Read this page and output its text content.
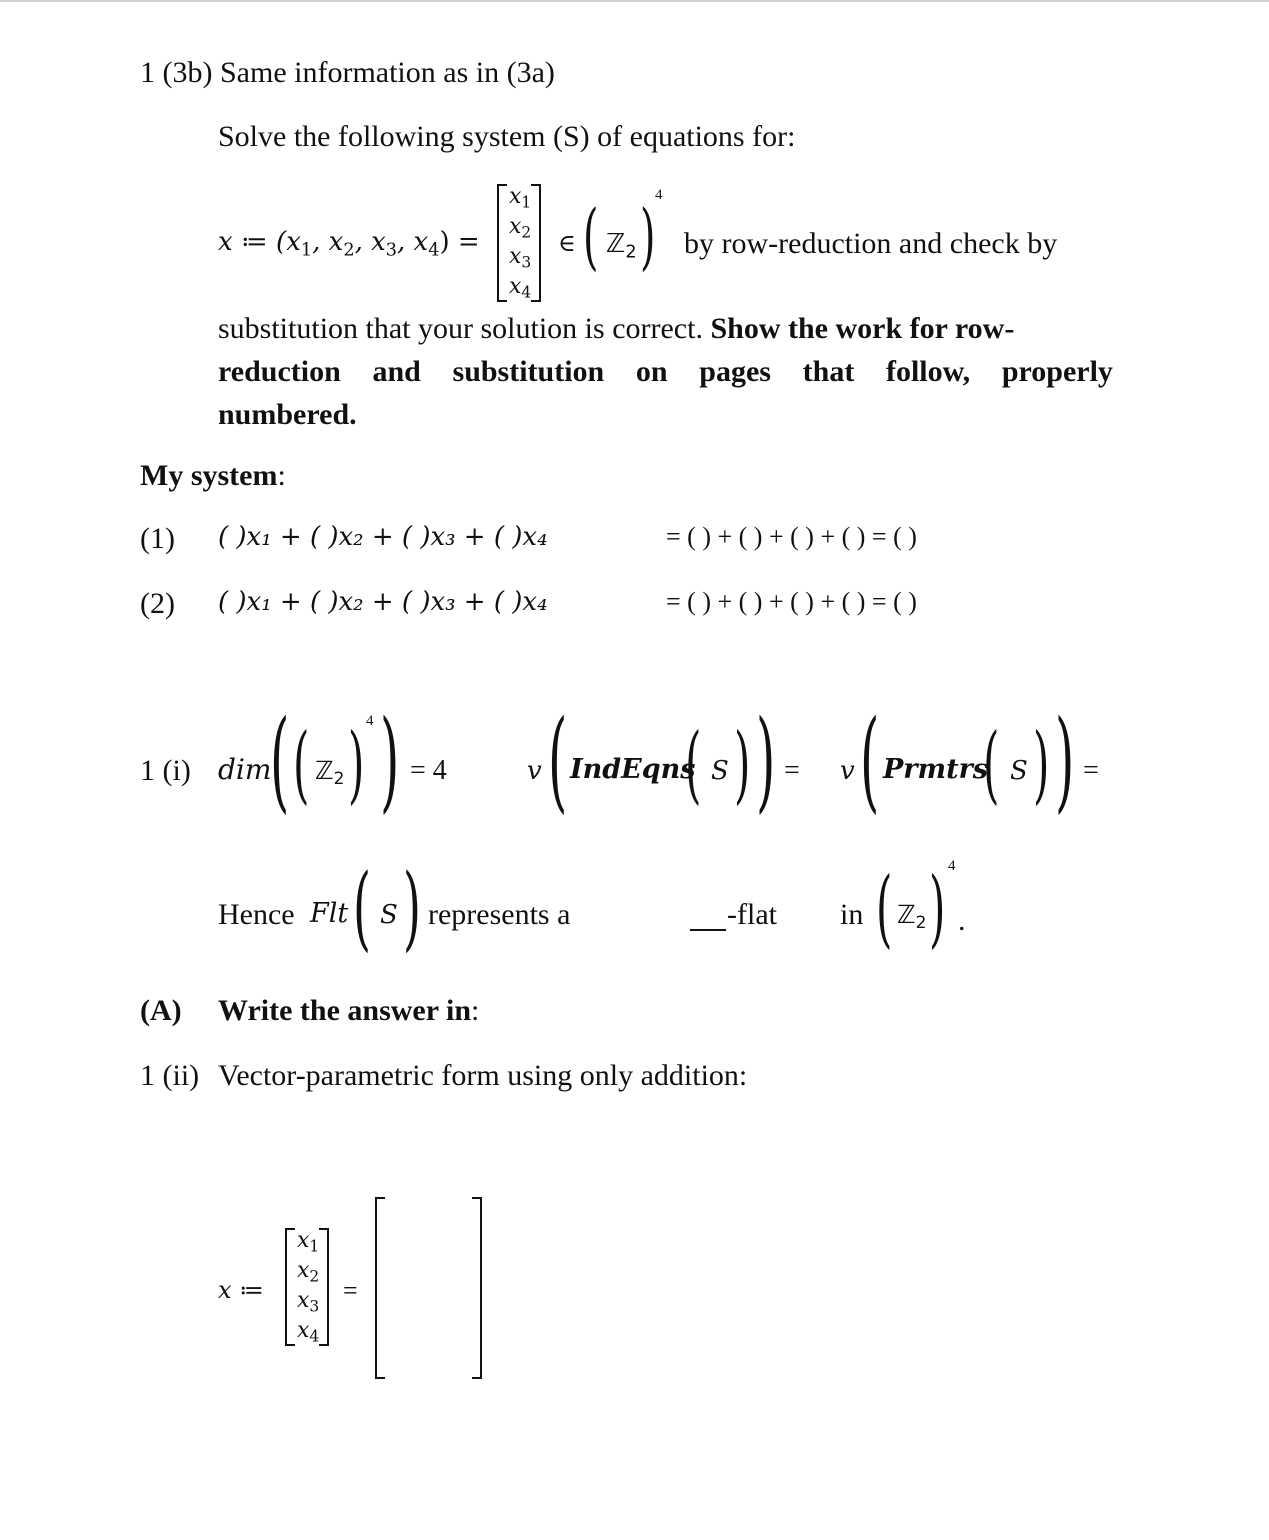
1 (3b) Same information as in (3a)
Solve the following system (S) of equations for:
x ≔ ($x_1$, $x_2$, $x_3$, $x_4$) =
$x_1$
$x_2$
$x_3$
$x_4$
∈ ( ℤ$_2$ ) 4
by row-reduction and check by
substitution that your solution is correct. Show the work for row-
reduction and substitution on pages that follow, properly
numbered.
My system:
(1) ( )x₁ + ( )x₂ + ( )x₃ + ( )x₄	= ( ) + ( ) + ( ) + ( ) = ( )
(2) ( )x₁ + ( )x₂ + ( )x₃ + ( )x₄	= ( ) + ( ) + ( ) + ( ) = ( )
1 (i) dim
( ( ℤ$_2$ ) 4 ) = 4	v ( IndEqns
( S ) ) = v ( Prmtrs
( S ) ) =
Hence Flt ( S ) represents a	-flat in ( ℤ$_2$ ) 4
.
(A) Write the answer in:
1 (ii) Vector-parametric form using only addition:
x ≔
$x_1$
$x_2$
$x_3$
$x_4$
=
